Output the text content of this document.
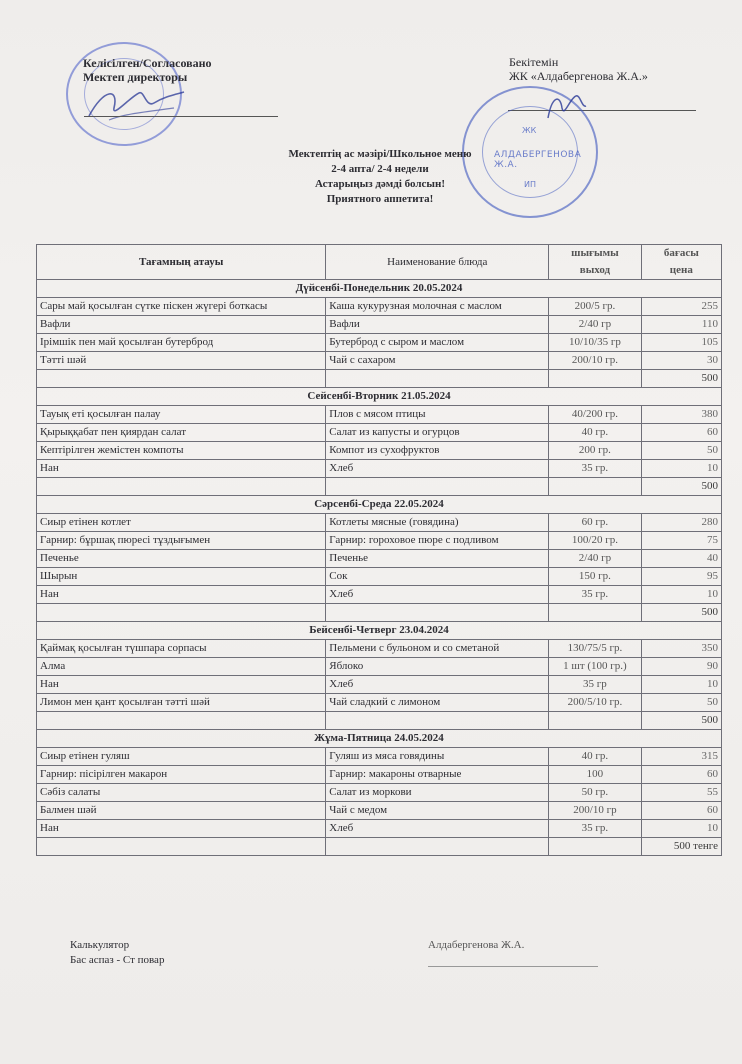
Келісілген/Согласовано
Мектеп директоры
Бекітемін
ЖК «Алдабергенова Ж.А.»
ЖК
АЛДАБЕРГЕНОВА Ж.А.
ИП
Мектептің ас мәзірі/Школьное меню
2-4 апта/ 2-4 недели
Астарыңыз дәмді болсын!
Приятного аппетита!
Тағамның атауы	Наименование блюда	шығымы	бағасы
		выход	цена
Дүйсенбі-Понедельник 20.05.2024			
Сары май қосылған сүтке піскен жүгері боткасы	Каша кукурузная молочная с маслом	200/5 гр.	255
Вафли	Вафли	2/40 гр	110
Ірімшік пен май қосылған бутерброд	Бутерброд с сыром и маслом	10/10/35 гр	105
Тәтті шәй	Чай с сахаром	200/10 гр.	30
			500
Сейсенбі-Вторник 21.05.2024			
Тауық еті қосылған палау	Плов с мясом птицы	40/200 гр.	380
Қырыққабат пен қиярдан салат	Салат из капусты и огурцов	40 гр.	60
Кептірілген жемістен компоты	Компот из сухофруктов	200 гр.	50
Нан	Хлеб	35 гр.	10
			500
Сәрсенбі-Среда 22.05.2024			
Сиыр етінен котлет	Котлеты мясные (говядина)	60 гр.	280
Гарнир: бұршақ пюресі тұздығымен	Гарнир: гороховое пюре с подливом	100/20 гр.	75
Печенье	Печенье	2/40 гр	40
Шырын	Сок	150 гр.	95
Нан	Хлеб	35 гр.	10
			500
Бейсенбі-Четверг 23.04.2024			
Қаймақ қосылған түшпара сорпасы	Пельмени с бульоном и со сметаной	130/75/5 гр.	350
Алма	Яблоко	1 шт (100 гр.)	90
Нан	Хлеб	35 гр	10
Лимон мен қант қосылған тәтті шәй	Чай сладкий с лимоном	200/5/10 гр.	50
			500
Жұма-Пятница 24.05.2024			
Сиыр етінен гуляш	Гуляш из мяса говядины	40 гр.	315
Гарнир: пісірілген макарон	Гарнир: макароны отварные	100	60
Сәбіз салаты	Салат из моркови	50 гр.	55
Балмен шәй	Чай с медом	200/10 гр	60
Нан	Хлеб	35 гр.	10
			500 тенге
Калькулятор
Бас аспаз - Ст повар
Алдабергенова Ж.А.
